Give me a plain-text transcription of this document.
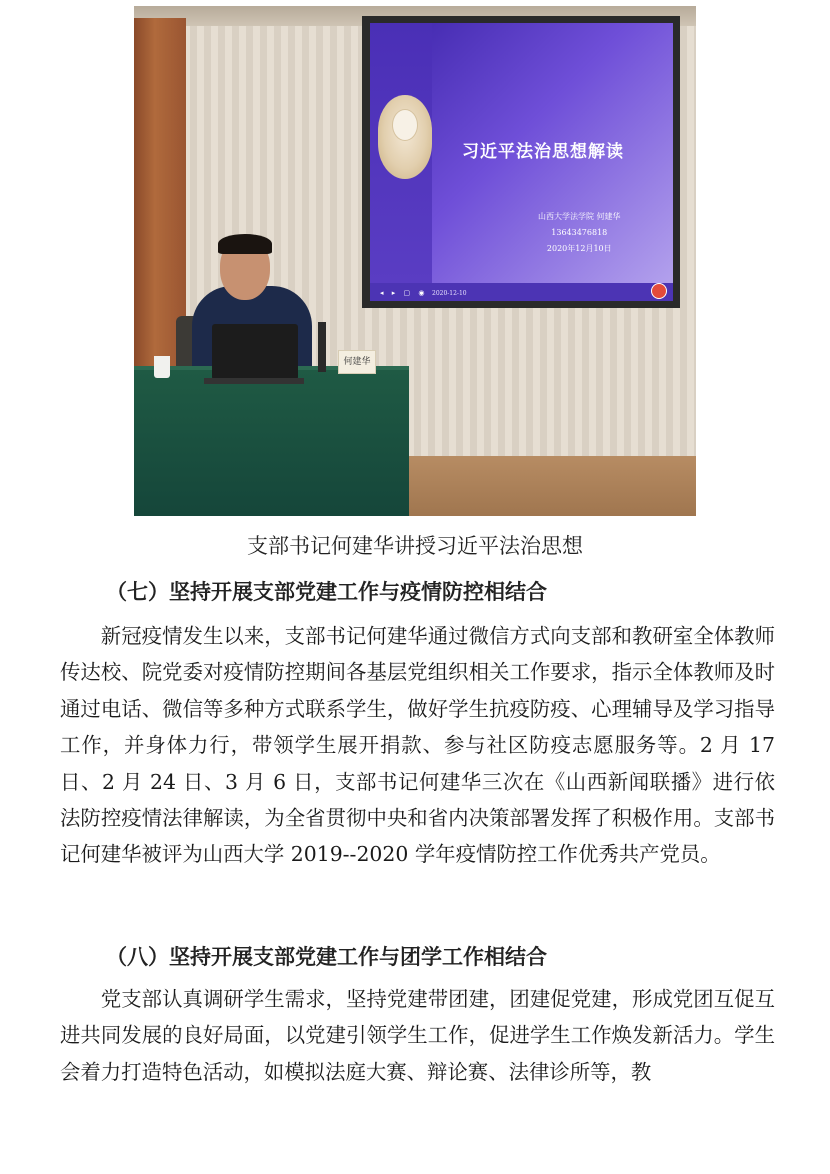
习近平法治思想解读
山西大学法学院 何建华
13643476818
2020年12月10日
◂ ▸ ▢ ◉ 2020-12-10
何建华
支部书记何建华讲授习近平法治思想
（七）坚持开展支部党建工作与疫情防控相结合
新冠疫情发生以来，支部书记何建华通过微信方式向支部和教研室全体教师传达校、院党委对疫情防控期间各基层党组织相关工作要求，指示全体教师及时通过电话、微信等多种方式联系学生，做好学生抗疫防疫、心理辅导及学习指导工作，并身体力行，带领学生展开捐款、参与社区防疫志愿服务等。2 月 17 日、2 月 24 日、3 月 6 日，支部书记何建华三次在《山西新闻联播》进行依法防控疫情法律解读，为全省贯彻中央和省内决策部署发挥了积极作用。支部书记何建华被评为山西大学 2019--2020 学年疫情防控工作优秀共产党员。
（八）坚持开展支部党建工作与团学工作相结合
党支部认真调研学生需求，坚持党建带团建，团建促党建，形成党团互促互进共同发展的良好局面，以党建引领学生工作，促进学生工作焕发新活力。学生会着力打造特色活动，如模拟法庭大赛、辩论赛、法律诊所等，教
